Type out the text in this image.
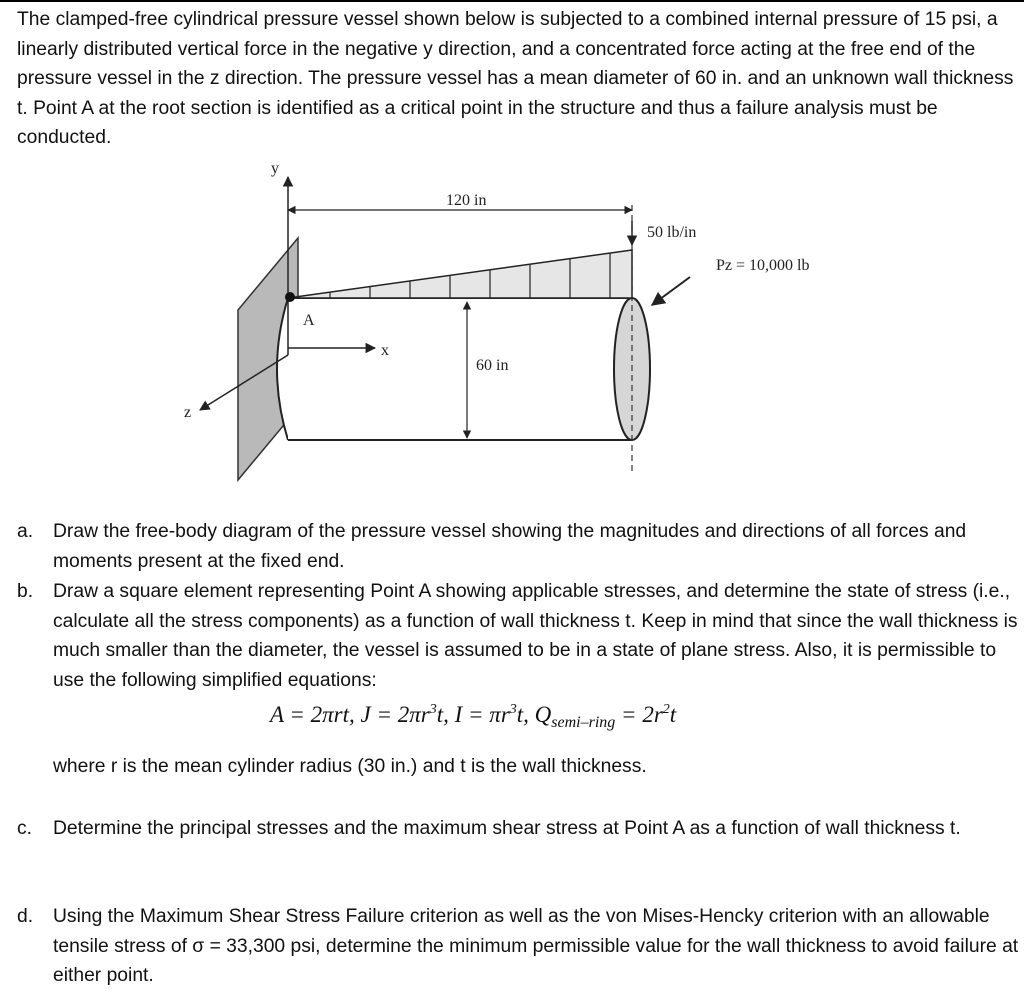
The clamped-free cylindrical pressure vessel shown below is subjected to a combined internal pressure of 15 psi, a linearly distributed vertical force in the negative y direction, and a concentrated force acting at the free end of the pressure vessel in the z direction. The pressure vessel has a mean diameter of 60 in. and an unknown wall thickness t. Point A at the root section is identified as a critical point in the structure and thus a failure analysis must be conducted.

y
x
z
A
120 in
50 lb/in
Pz = 10,000 lb
60 in
a.	Draw the free-body diagram of the pressure vessel showing the magnitudes and directions of all forces and moments present at the fixed end.
b.	Draw a square element representing Point A showing applicable stresses, and determine the state of stress (i.e., calculate all the stress components) as a function of wall thickness t. Keep in mind that since the wall thickness is much smaller than the diameter, the vessel is assumed to be in a state of plane stress. Also, it is permissible to use the following simplified equations:
A = 2πrt, $J = 2\pi r^3t$, $I = \pi r^3t$, $Q_{semi-ring} = 2r^2t$
where r is the mean cylinder radius (30 in.) and t is the wall thickness.
c.	Determine the principal stresses and the maximum shear stress at Point A as a function of wall thickness t.
d.	Using the Maximum Shear Stress Failure criterion as well as the von Mises-Hencky criterion with an allowable tensile stress of σ = 33,300 psi, determine the minimum permissible value for the wall thickness to avoid failure at either point.
